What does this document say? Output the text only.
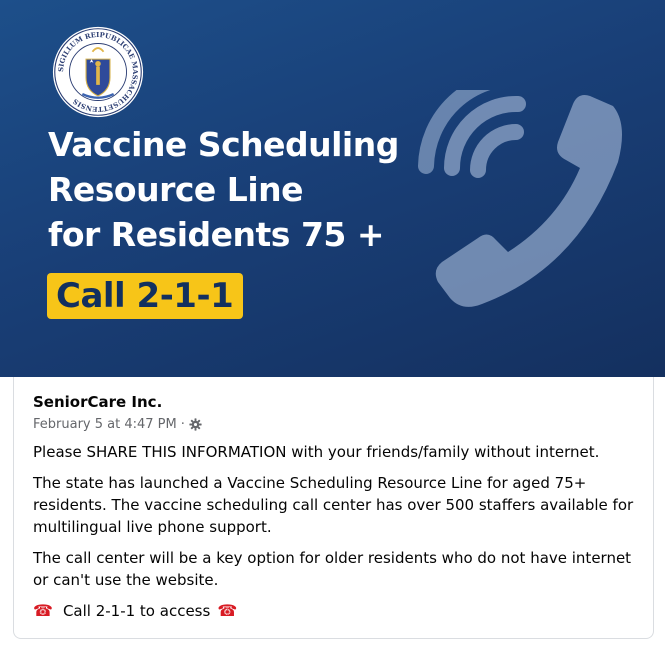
SIGILLUM REIPUBLICAE MASSACHUSETTENSIS
Vaccine Scheduling
Resource Line
for Residents 75 +
Call 2-1-1
SeniorCare Inc.
February 5 at 4:47 PM ·

Please SHARE THIS INFORMATION with your friends/family without internet.

The state has launched a Vaccine Scheduling Resource Line for aged 75+ residents. The vaccine scheduling call center has over 500 staffers available for multilingual live phone support.

The call center will be a key option for older residents who do not have internet or can't use the website.

☎ Call 2-1-1 to access ☎
